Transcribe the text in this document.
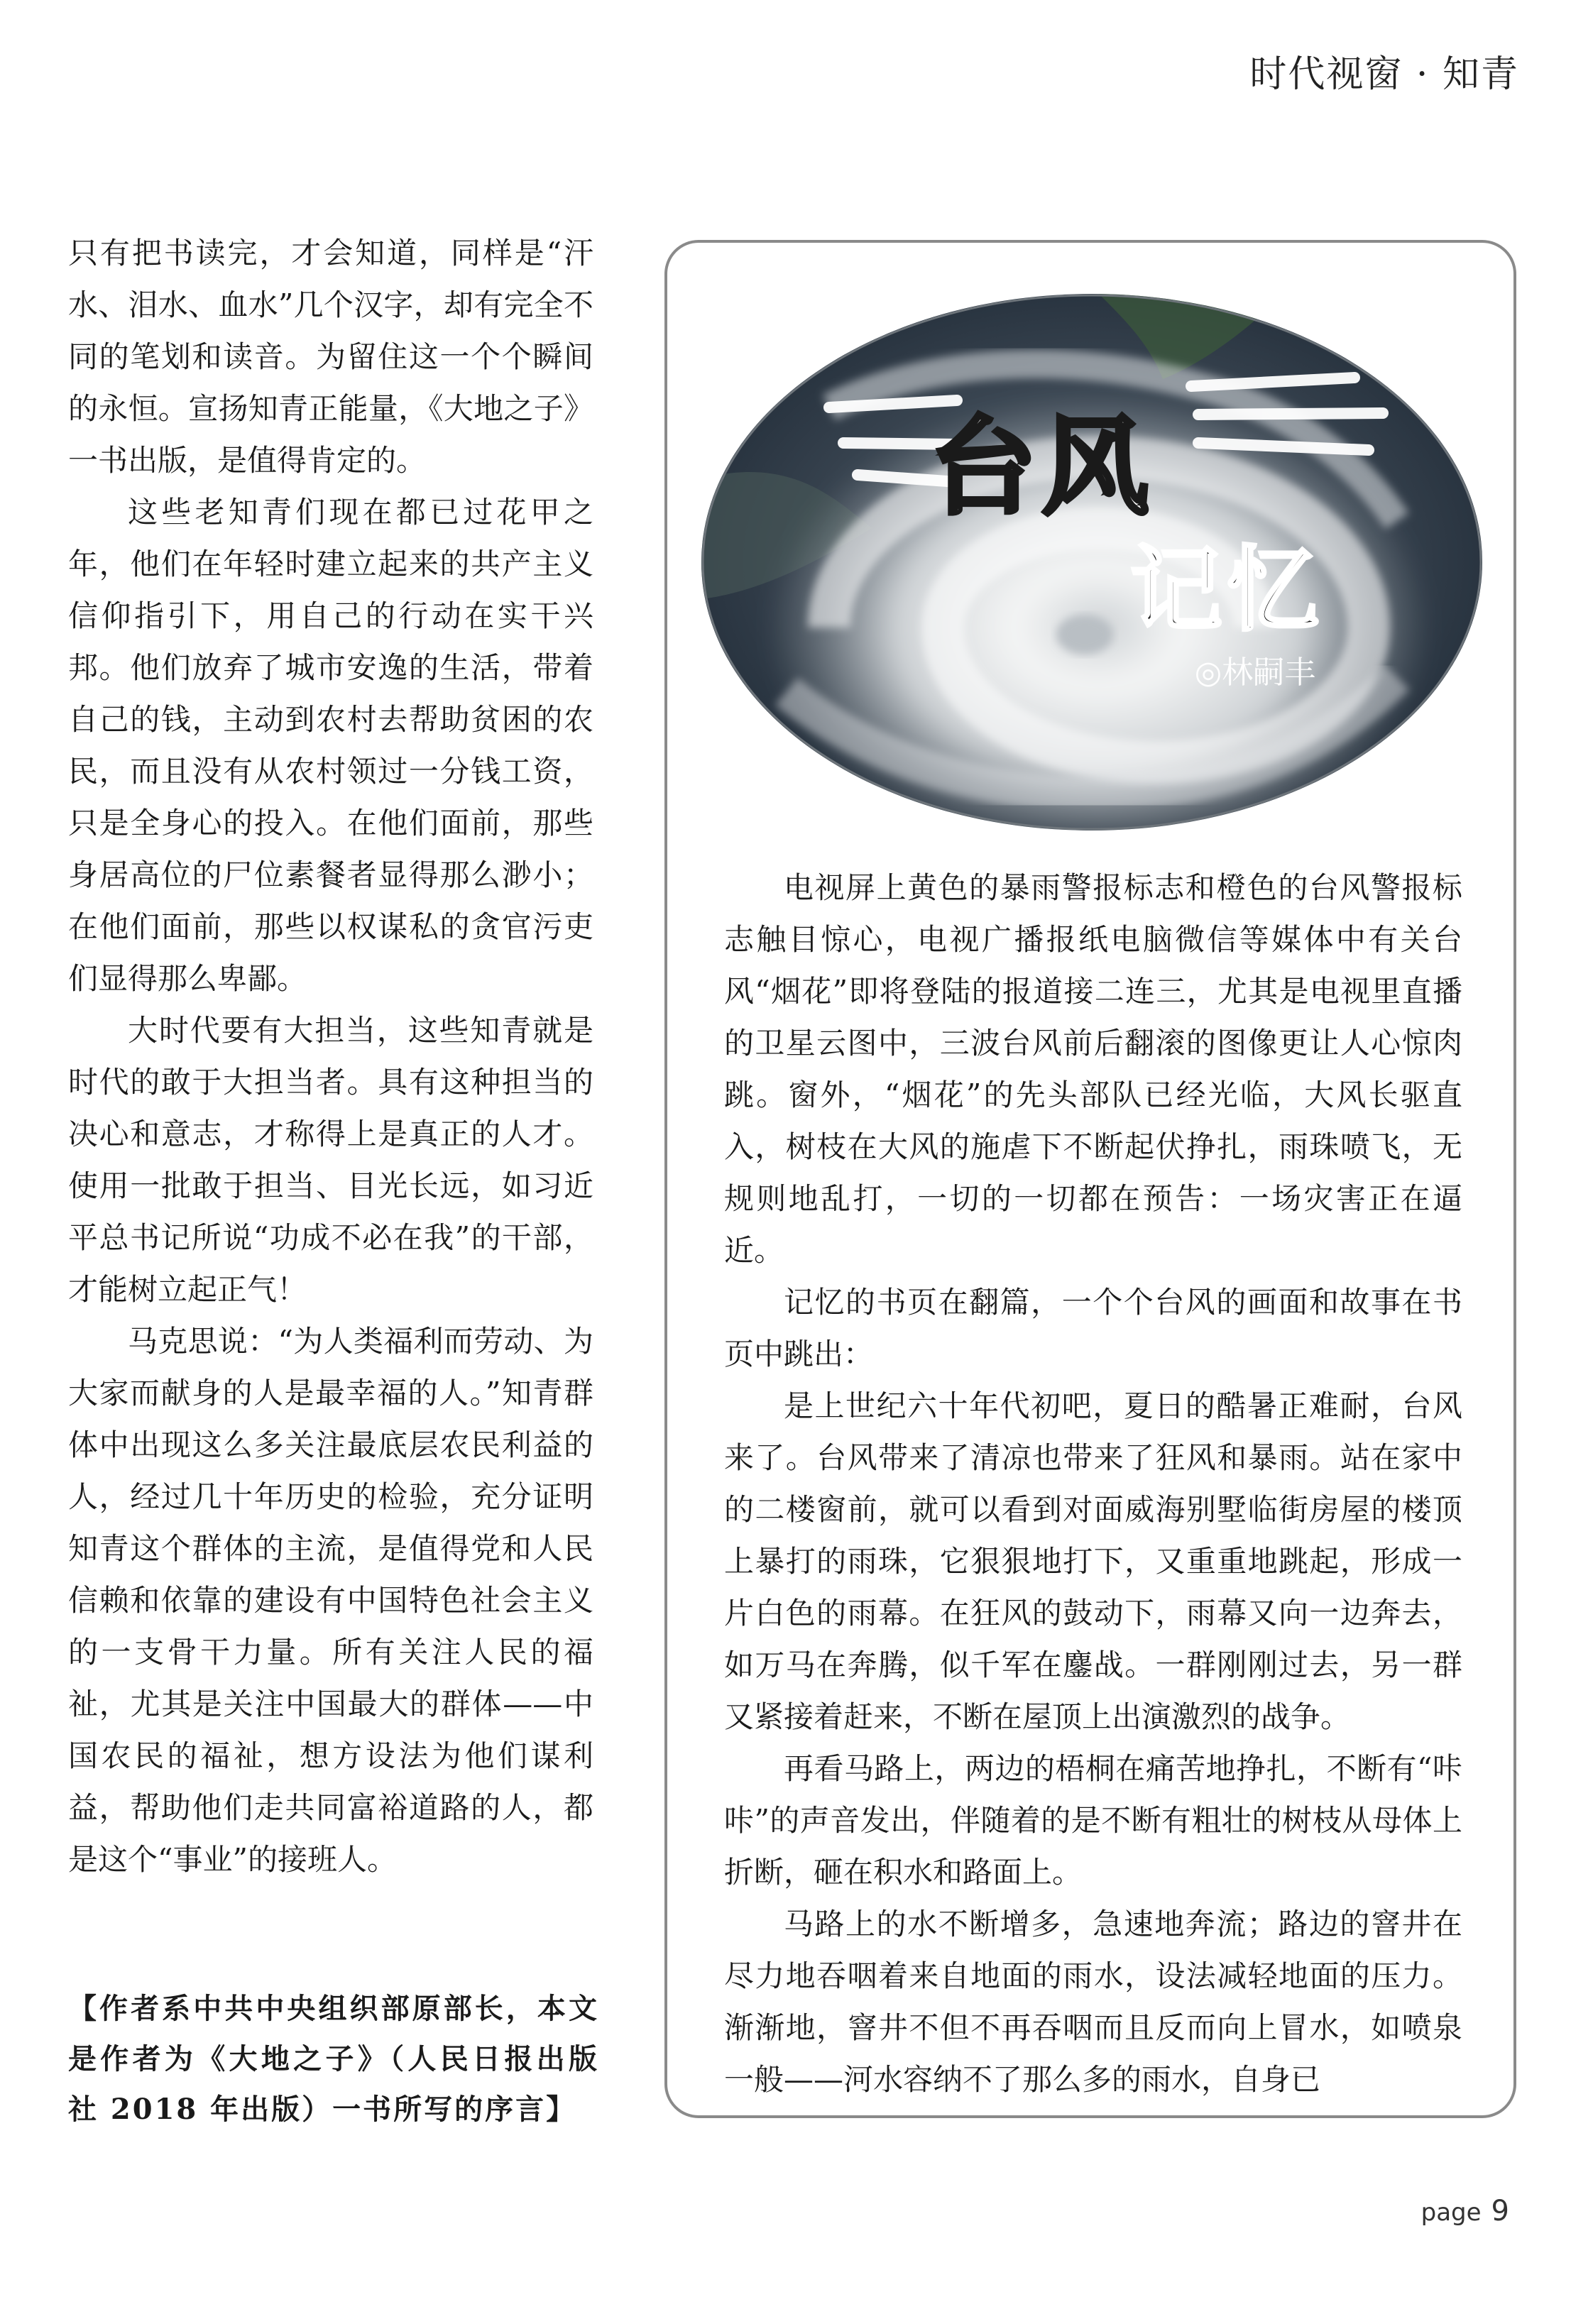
时代视窗 · 知青

只有把书读完，才会知道，同样是“汗水、泪水、血水”几个汉字，却有完全不同的笔划和读音。为留住这一个个瞬间的永恒。宣扬知青正能量，《大地之子》一书出版，是值得肯定的。

这些老知青们现在都已过花甲之年，他们在年轻时建立起来的共产主义信仰指引下，用自己的行动在实干兴邦。他们放弃了城市安逸的生活，带着自己的钱，主动到农村去帮助贫困的农民，而且没有从农村领过一分钱工资，只是全身心的投入。在他们面前，那些身居高位的尸位素餐者显得那么渺小；在他们面前，那些以权谋私的贪官污吏们显得那么卑鄙。

大时代要有大担当，这些知青就是时代的敢于大担当者。具有这种担当的决心和意志，才称得上是真正的人才。使用一批敢于担当、目光长远，如习近平总书记所说“功成不必在我”的干部，才能树立起正气！

马克思说：“为人类福利而劳动、为大家而献身的人是最幸福的人。”知青群体中出现这么多关注最底层农民利益的人，经过几十年历史的检验，充分证明知青这个群体的主流，是值得党和人民信赖和依靠的建设有中国特色社会主义的一支骨干力量。所有关注人民的福祉，尤其是关注中国最大的群体——中国农民的福祉，想方设法为他们谋利益，帮助他们走共同富裕道路的人，都是这个“事业”的接班人。

【作者系中共中央组织部原部长，本文是作者为《大地之子》（人民日报出版社 2018 年出版）一书所写的序言】
台风
记忆
◎林嗣丰

电视屏上黄色的暴雨警报标志和橙色的台风警报标志触目惊心，电视广播报纸电脑微信等媒体中有关台风“烟花”即将登陆的报道接二连三，尤其是电视里直播的卫星云图中，三波台风前后翻滚的图像更让人心惊肉跳。窗外，“烟花”的先头部队已经光临，大风长驱直入，树枝在大风的施虐下不断起伏挣扎，雨珠喷飞，无规则地乱打，一切的一切都在预告：一场灾害正在逼近。

记忆的书页在翻篇，一个个台风的画面和故事在书页中跳出：

是上世纪六十年代初吧，夏日的酷暑正难耐，台风来了。台风带来了清凉也带来了狂风和暴雨。站在家中的二楼窗前，就可以看到对面威海别墅临街房屋的楼顶上暴打的雨珠，它狠狠地打下，又重重地跳起，形成一片白色的雨幕。在狂风的鼓动下，雨幕又向一边奔去，如万马在奔腾，似千军在鏖战。一群刚刚过去，另一群又紧接着赶来，不断在屋顶上出演激烈的战争。

再看马路上，两边的梧桐在痛苦地挣扎，不断有“咔咔”的声音发出，伴随着的是不断有粗壮的树枝从母体上折断，砸在积水和路面上。

马路上的水不断增多，急速地奔流；路边的窨井在尽力地吞咽着来自地面的雨水，设法减轻地面的压力。渐渐地，窨井不但不再吞咽而且反而向上冒水，如喷泉一般——河水容纳不了那么多的雨水，自身已

page 9
